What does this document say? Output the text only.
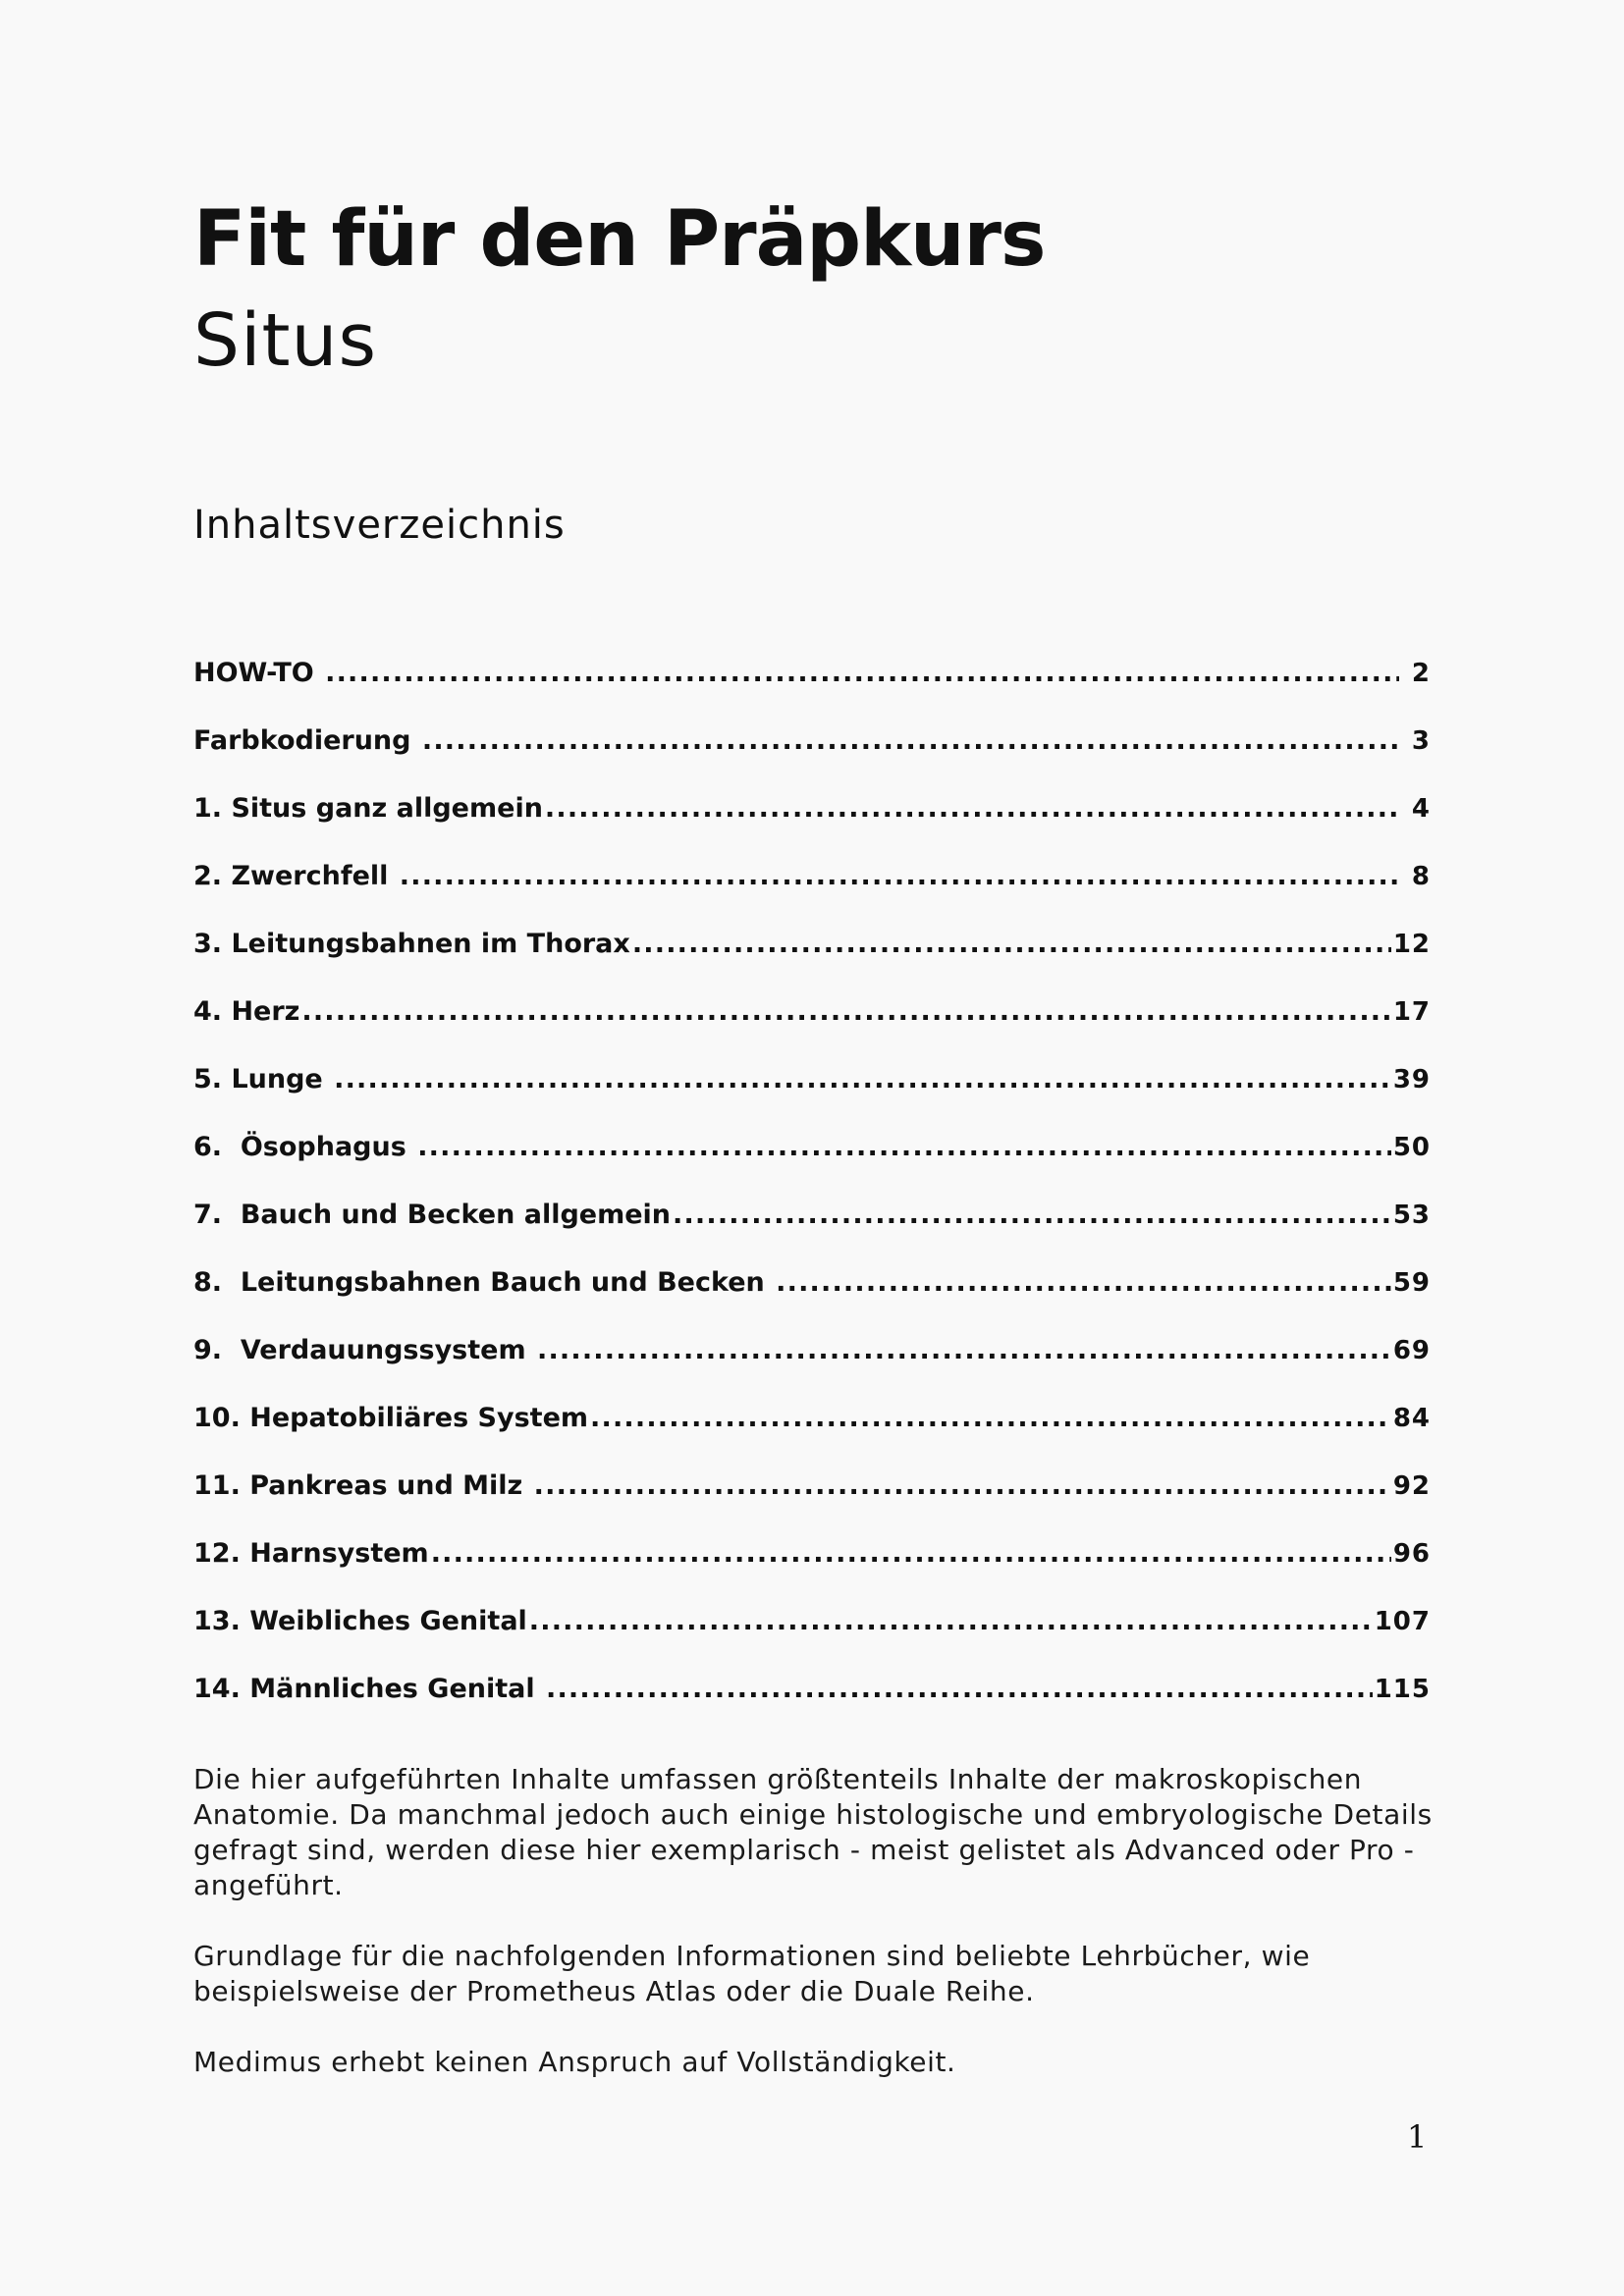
Fit für den Präpkurs
Situs
Inhaltsverzeichnis
HOW-TO .....	2
Farbkodierung .....	3
1. Situs ganz allgemein .....	4
2. Zwerchfell .....	8
3. Leitungsbahnen im Thorax .....	12
4. Herz .....	17
5. Lunge .....	39
6.  Ösophagus .....	50
7.  Bauch und Becken allgemein .....	53
8.  Leitungsbahnen Bauch und Becken .....	59
9.  Verdauungssystem .....	69
10. Hepatobiliäres System .....	84
11. Pankreas und Milz .....	92
12. Harnsystem .....	96
13. Weibliches Genital .....	107
14. Männliches Genital .....	115

Die hier aufgeführten Inhalte umfassen größtenteils Inhalte der makroskopischen Anatomie. Da manchmal jedoch auch einige histologische und embryologische Details gefragt sind, werden diese hier exemplarisch - meist gelistet als Advanced oder Pro - angeführt.

Grundlage für die nachfolgenden Informationen sind beliebte Lehrbücher, wie beispielsweise der Prometheus Atlas oder die Duale Reihe.

Medimus erhebt keinen Anspruch auf Vollständigkeit.

1
